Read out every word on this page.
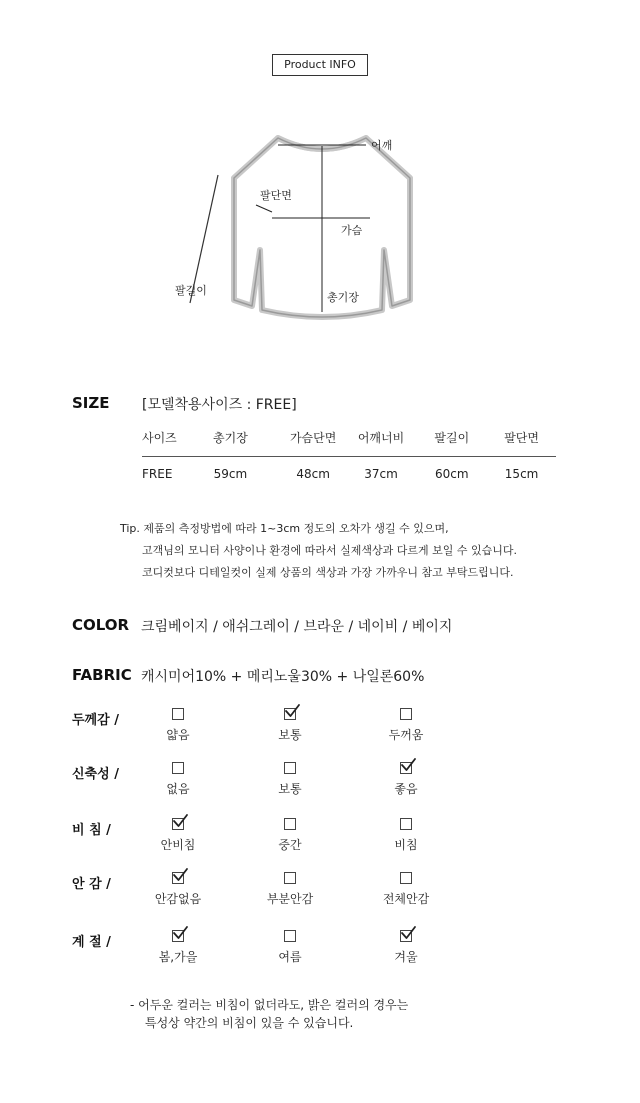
Product INFO
어깨
팔단면
가슴
팔길이
총기장
SIZE [모델착용사이즈 : FREE]
사이즈	총기장	가슴단면	어깨너비	팔길이	팔단면
FREE	59cm	48cm	37cm	60cm	15cm
Tip. 제품의 측정방법에 따라 1~3cm 정도의 오차가 생길 수 있으며,
고객님의 모니터 사양이나 환경에 따라서 실제색상과 다르게 보일 수 있습니다.
코디컷보다 디테일컷이 실제 상품의 색상과 가장 가까우니 참고 부탁드립니다.
COLOR 크림베이지 / 애쉬그레이 / 브라운 / 네이비 / 베이지
FABRIC 캐시미어10% + 메리노울30% + 나일론60%
두께감 /
얇음	보통	두꺼움
신축성 /
없음	보통	좋음
비 침 /
안비침	중간	비침
안 감 /
안감없음	부분안감	전체안감
계 절 /
봄,가을	여름	겨울
- 어두운 컬러는 비침이 없더라도, 밝은 컬러의 경우는
특성상 약간의 비침이 있을 수 있습니다.
